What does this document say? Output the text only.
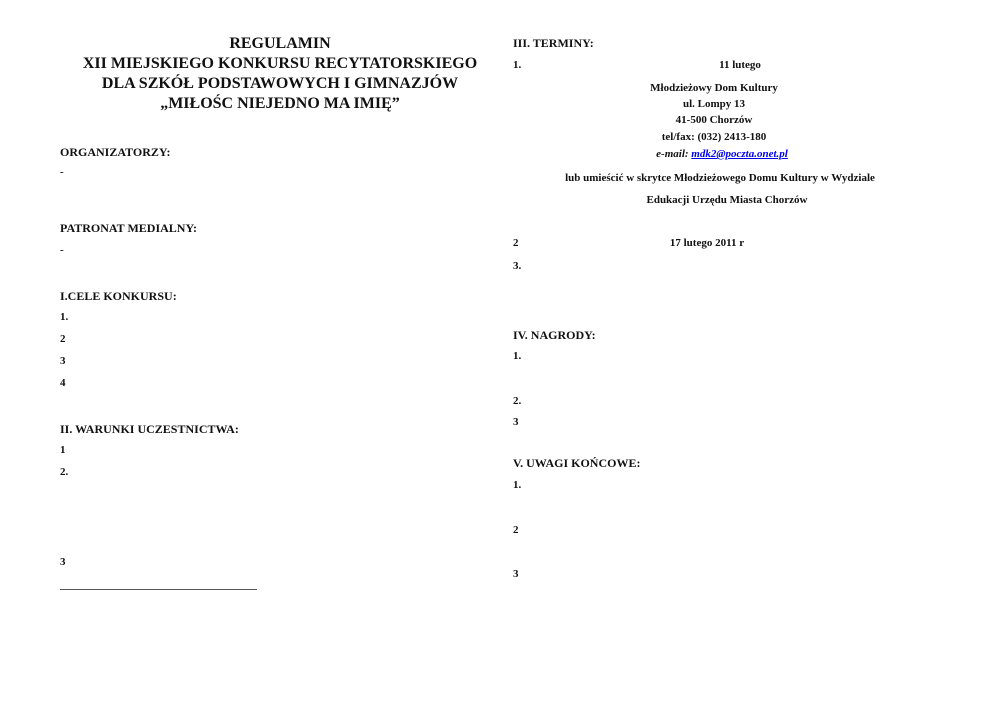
REGULAMIN
XII MIEJSKIEGO KONKURSU RECYTATORSKIEGO
DLA SZKÓŁ PODSTAWOWYCH I GIMNAZJÓW
„MIŁOŚC NIEJEDNO MA IMIĘ”
ORGANIZATORZY:
-
PATRONAT MEDIALNY:
-
I.CELE KONKURSU:
1.
2
3
4
II. WARUNKI UCZESTNICTWA:
1
2.
3
III. TERMINY:
1.	11 lutego
Młodzieżowy Dom Kultury
ul. Lompy 13
41-500 Chorzów
tel/fax: (032) 2413-180
e-mail: mdk2@poczta.onet.pl
lub umieścić w skrytce Młodzieżowego Domu Kultury w Wydziale
Edukacji Urzędu Miasta Chorzów
2	17 lutego 2011 r
3.
IV. NAGRODY:
1.
2.
3
V. UWAGI KOŃCOWE:
1.
2
3
